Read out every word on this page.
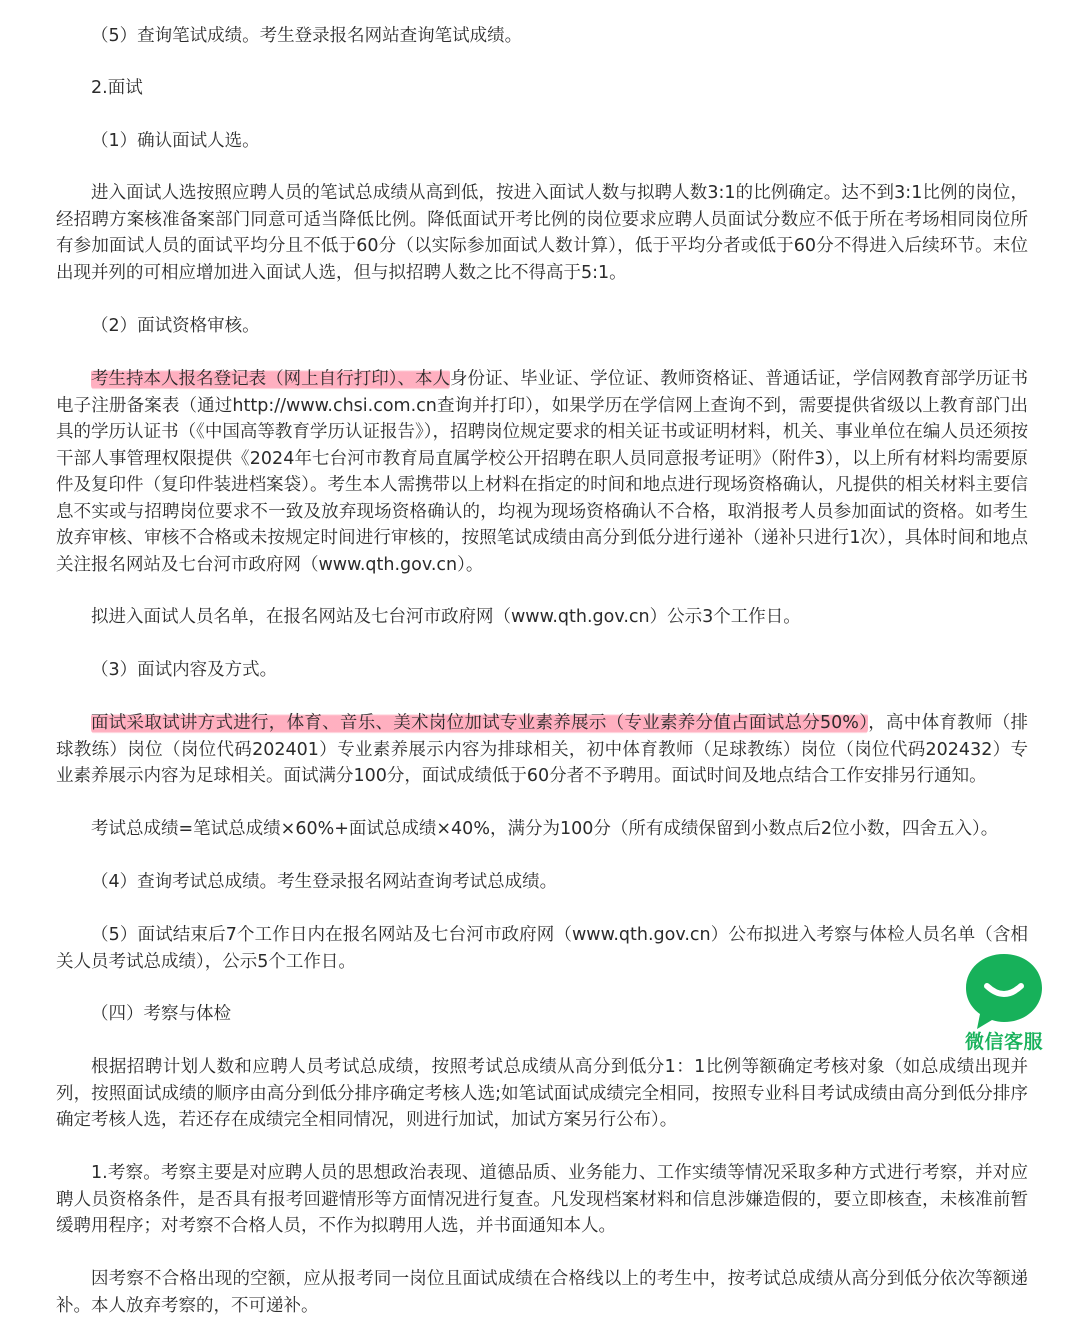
（5）查询笔试成绩。考生登录报名网站查询笔试成绩。

2.面试

（1）确认面试人选。

进入面试人选按照应聘人员的笔试总成绩从高到低，按进入面试人数与拟聘人数3:1的比例确定。达不到3:1比例的岗位，经招聘方案核准备案部门同意可适当降低比例。降低面试开考比例的岗位要求应聘人员面试分数应不低于所在考场相同岗位所有参加面试人员的面试平均分且不低于60分（以实际参加面试人数计算），低于平均分者或低于60分不得进入后续环节。末位出现并列的可相应增加进入面试人选，但与拟招聘人数之比不得高于5:1。

（2）面试资格审核。

考生持本人报名登记表（网上自行打印）、本人身份证、毕业证、学位证、教师资格证、普通话证，学信网教育部学历证书电子注册备案表（通过http://www.chsi.com.cn查询并打印），如果学历在学信网上查询不到，需要提供省级以上教育部门出具的学历认证书（《中国高等教育学历认证报告》），招聘岗位规定要求的相关证书或证明材料，机关、事业单位在编人员还须按干部人事管理权限提供《2024年七台河市教育局直属学校公开招聘在职人员同意报考证明》（附件3），以上所有材料均需要原件及复印件（复印件装进档案袋）。考生本人需携带以上材料在指定的时间和地点进行现场资格确认，凡提供的相关材料主要信息不实或与招聘岗位要求不一致及放弃现场资格确认的，均视为现场资格确认不合格，取消报考人员参加面试的资格。如考生放弃审核、审核不合格或未按规定时间进行审核的，按照笔试成绩由高分到低分进行递补（递补只进行1次），具体时间和地点关注报名网站及七台河市政府网（www.qth.gov.cn）。

拟进入面试人员名单，在报名网站及七台河市政府网（www.qth.gov.cn）公示3个工作日。

（3）面试内容及方式。

面试采取试讲方式进行，体育、音乐、美术岗位加试专业素养展示（专业素养分值占面试总分50%），高中体育教师（排球教练）岗位（岗位代码202401）专业素养展示内容为排球相关，初中体育教师（足球教练）岗位（岗位代码202432）专业素养展示内容为足球相关。面试满分100分，面试成绩低于60分者不予聘用。面试时间及地点结合工作安排另行通知。

考试总成绩=笔试总成绩×60%+面试总成绩×40%，满分为100分（所有成绩保留到小数点后2位小数，四舍五入）。

（4）查询考试总成绩。考生登录报名网站查询考试总成绩。

（5）面试结束后7个工作日内在报名网站及七台河市政府网（www.qth.gov.cn）公布拟进入考察与体检人员名单（含相关人员考试总成绩），公示5个工作日。

（四）考察与体检

根据招聘计划人数和应聘人员考试总成绩，按照考试总成绩从高分到低分1：1比例等额确定考核对象（如总成绩出现并列，按照面试成绩的顺序由高分到低分排序确定考核人选;如笔试面试成绩完全相同，按照专业科目考试成绩由高分到低分排序确定考核人选，若还存在成绩完全相同情况，则进行加试，加试方案另行公布）。

1.考察。考察主要是对应聘人员的思想政治表现、道德品质、业务能力、工作实绩等情况采取多种方式进行考察，并对应聘人员资格条件，是否具有报考回避情形等方面情况进行复查。凡发现档案材料和信息涉嫌造假的，要立即核查，未核准前暂缓聘用程序；对考察不合格人员，不作为拟聘用人选，并书面通知本人。

因考察不合格出现的空额，应从报考同一岗位且面试成绩在合格线以上的考生中，按考试总成绩从高分到低分依次等额递补。本人放弃考察的，不可递补。

微信客服
